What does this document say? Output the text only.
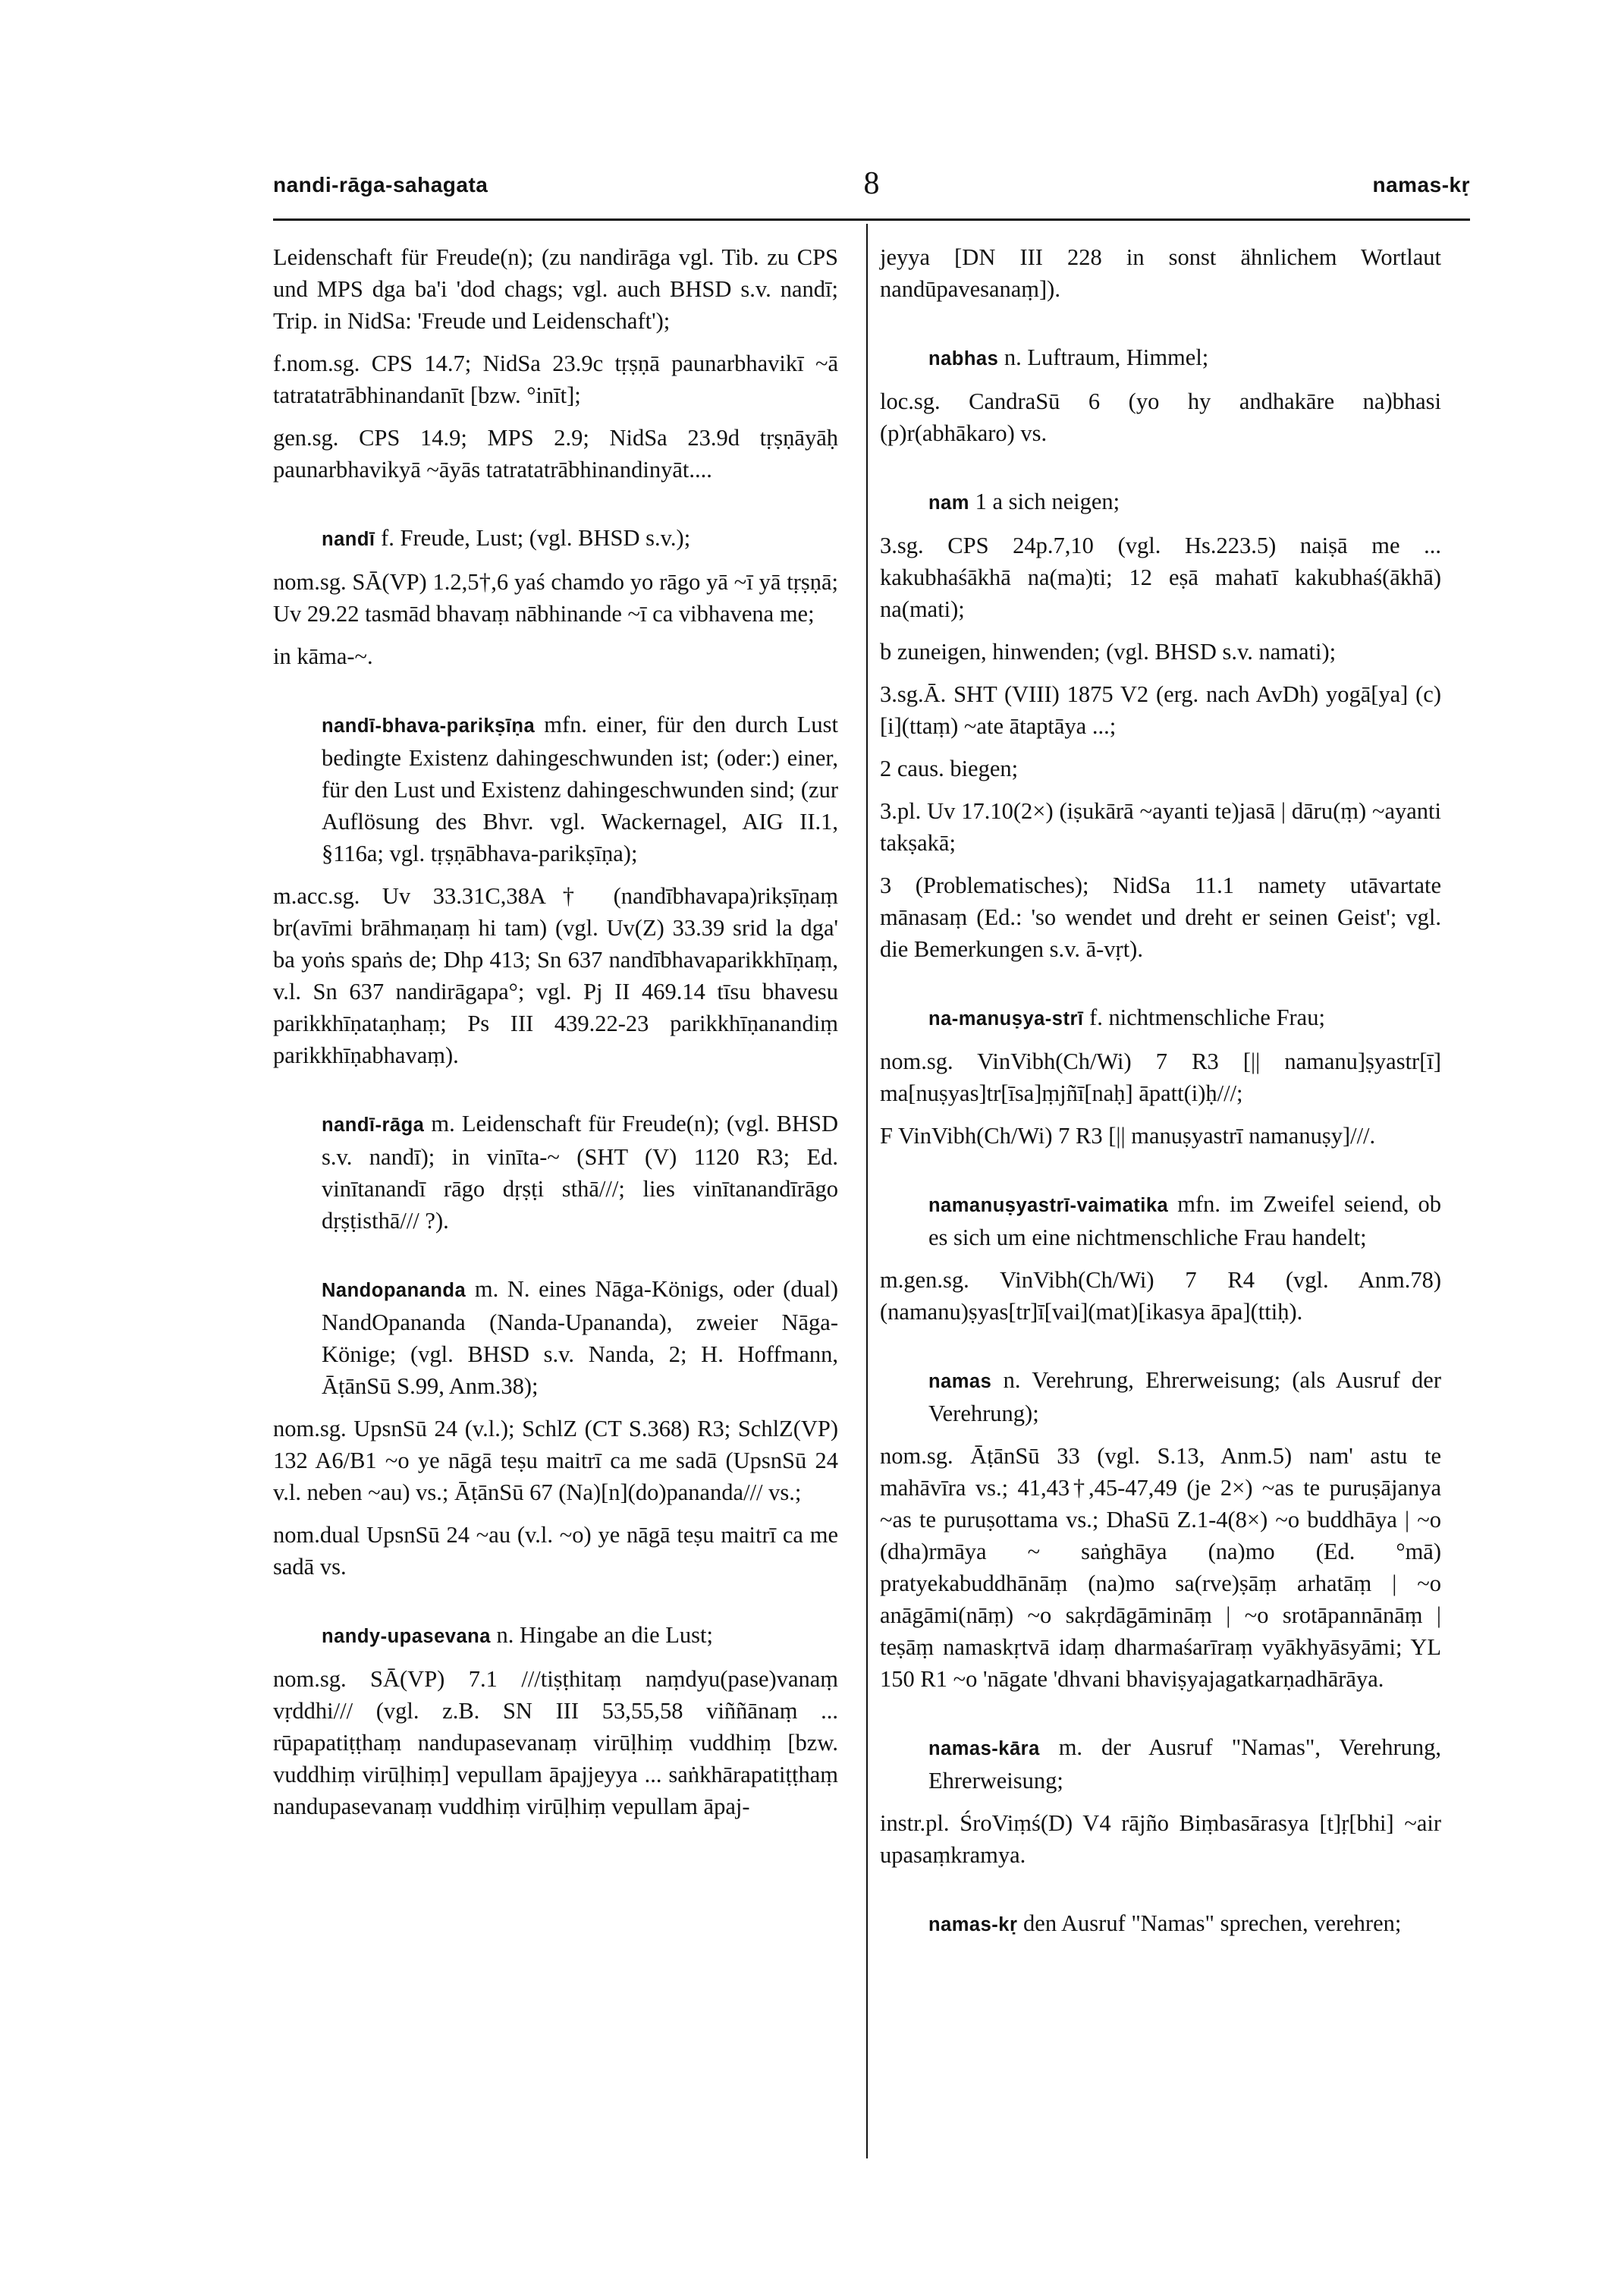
nandi-rāga-sahagata	8	namas-kṛ

Leidenschaft für Freude(n); (zu nandirāga vgl. Tib. zu CPS und MPS dga ba'i 'dod chags; vgl. auch BHSD s.v. nandī; Trip. in NidSa: 'Freude und Leidenschaft');

f.nom.sg. CPS 14.7; NidSa 23.9c tṛṣṇā paunarbhavikī ~ā tatratatrābhinandanīt [bzw. °inīt];

gen.sg. CPS 14.9; MPS 2.9; NidSa 23.9d tṛṣṇāyāḥ paunarbhavikyā ~āyās tatratatrābhinandinyāt....

nandī f. Freude, Lust; (vgl. BHSD s.v.);

nom.sg. SĀ(VP) 1.2,5†,6 yaś chamdo yo rāgo yā ~ī yā tṛṣṇā; Uv 29.22 tasmād bhavaṃ nābhinande ~ī ca vibhavena me;

in kāma-~.

nandī-bhava-parikṣīṇa mfn. einer, für den durch Lust bedingte Existenz dahingeschwunden ist; (oder:) einer, für den Lust und Existenz dahingeschwunden sind; (zur Auflösung des Bhvr. vgl. Wackernagel, AIG II.1, §116a; vgl. tṛṣṇābhava-parikṣīṇa);

m.acc.sg. Uv 33.31C,38A† (nandībhavapa)rikṣīṇaṃ br(avīmi brāhmaṇaṃ hi tam) (vgl. Uv(Z) 33.39 srid la dga' ba yoṅs spaṅs de; Dhp 413; Sn 637 nandībhavaparikkhīṇaṃ, v.l. Sn 637 nandirāgapa°; vgl. Pj II 469.14 tīsu bhavesu parikkhīṇataṇhaṃ; Ps III 439.22-23 parikkhīṇanandiṃ parikkhīṇabhavaṃ).

nandī-rāga m. Leidenschaft für Freude(n); (vgl. BHSD s.v. nandī); in vinīta-~ (SHT (V) 1120 R3; Ed. vinītanandī rāgo dṛṣṭi sthā///; lies vinītanandīrāgo dṛṣṭisthā/// ?).

Nandopananda m. N. eines Nāga-Königs, oder (dual) NandOpananda (Nanda-Upananda), zweier Nāga-Könige; (vgl. BHSD s.v. Nanda, 2; H. Hoffmann, ĀṭānSū S.99, Anm.38);

nom.sg. UpsnSū 24 (v.l.); SchlZ (CT S.368) R3; SchlZ(VP) 132 A6/B1 ~o ye nāgā teṣu maitrī ca me sadā (UpsnSū 24 v.l. neben ~au) vs.; ĀṭānSū 67 (Na)[n](do)pananda/// vs.;

nom.dual UpsnSū 24 ~au (v.l. ~o) ye nāgā teṣu maitrī ca me sadā vs.

nandy-upasevana n. Hingabe an die Lust;

nom.sg. SĀ(VP) 7.1 ///tiṣṭhitaṃ naṃdyu(pase)vanaṃ vṛddhi/// (vgl. z.B. SN III 53,55,58 viññānaṃ ... rūpapatiṭṭhaṃ nandupasevanaṃ virūḷhiṃ vuddhiṃ [bzw. vuddhiṃ virūḷhiṃ] vepullam āpajjeyya ... saṅkhārapatiṭṭhaṃ nandupasevanaṃ vuddhiṃ virūḷhiṃ vepullam āpaj-

jeyya [DN III 228 in sonst ähnlichem Wortlaut nandūpavesanaṃ]).

nabhas n. Luftraum, Himmel;

loc.sg. CandraSū 6 (yo hy andhakāre na)bhasi (p)r(abhākaro) vs.

nam 1 a sich neigen;

3.sg. CPS 24p.7,10 (vgl. Hs.223.5) naiṣā me ... kakubhaśākhā na(ma)ti; 12 eṣā mahatī kakubhaś(ākhā) na(mati);

b zuneigen, hinwenden; (vgl. BHSD s.v. namati);

3.sg.Ā. SHT (VIII) 1875 V2 (erg. nach AvDh) yogā[ya] (c)[i](ttaṃ) ~ate ātaptāya ...;

2 caus. biegen;

3.pl. Uv 17.10(2×) (iṣukārā ~ayanti te)jasā | dāru(ṃ) ~ayanti takṣakā;

3 (Problematisches); NidSa 11.1 namety utāvartate mānasaṃ (Ed.: 'so wendet und dreht er seinen Geist'; vgl. die Bemerkungen s.v. ā-vṛt).

na-manuṣya-strī f. nichtmenschliche Frau;

nom.sg. VinVibh(Ch/Wi) 7 R3 [|| namanu]ṣyastr[ī] ma[nuṣyas]tr[īsa]ṃjñī[naḥ] āpatt(i)ḥ///;

F VinVibh(Ch/Wi) 7 R3 [|| manuṣyastrī namanuṣy]///.

namanuṣyastrī-vaimatika mfn. im Zweifel seiend, ob es sich um eine nichtmenschliche Frau handelt;

m.gen.sg. VinVibh(Ch/Wi) 7 R4 (vgl. Anm.78) (namanu)ṣyas[tr]ī[vai](mat)[ikasya āpa](ttiḥ).

namas n. Verehrung, Ehrerweisung; (als Ausruf der Verehrung);

nom.sg. ĀṭānSū 33 (vgl. S.13, Anm.5) nam' astu te mahāvīra vs.; 41,43†,45-47,49 (je 2×) ~as te puruṣājanya ~as te puruṣottama vs.; DhaSū Z.1-4(8×) ~o buddhāya | ~o (dha)rmāya ~ saṅghāya (na)mo (Ed. °mā) pratyekabuddhānāṃ (na)mo sa(rve)ṣāṃ arhatāṃ | ~o anāgāmi(nāṃ) ~o sakṛdāgāmināṃ | ~o srotāpannānāṃ | teṣāṃ namaskṛtvā idaṃ dharmaśarīraṃ vyākhyāsyāmi; YL 150 R1 ~o 'nāgate 'dhvani bhaviṣyajagatkarṇadhārāya.

namas-kāra m. der Ausruf "Namas", Verehrung, Ehrerweisung;

instr.pl. ŚroViṃś(D) V4 rājño Biṃbasārasya [t]ṛ[bhi] ~air upasaṃkramya.

namas-kṛ den Ausruf "Namas" sprechen, verehren;
